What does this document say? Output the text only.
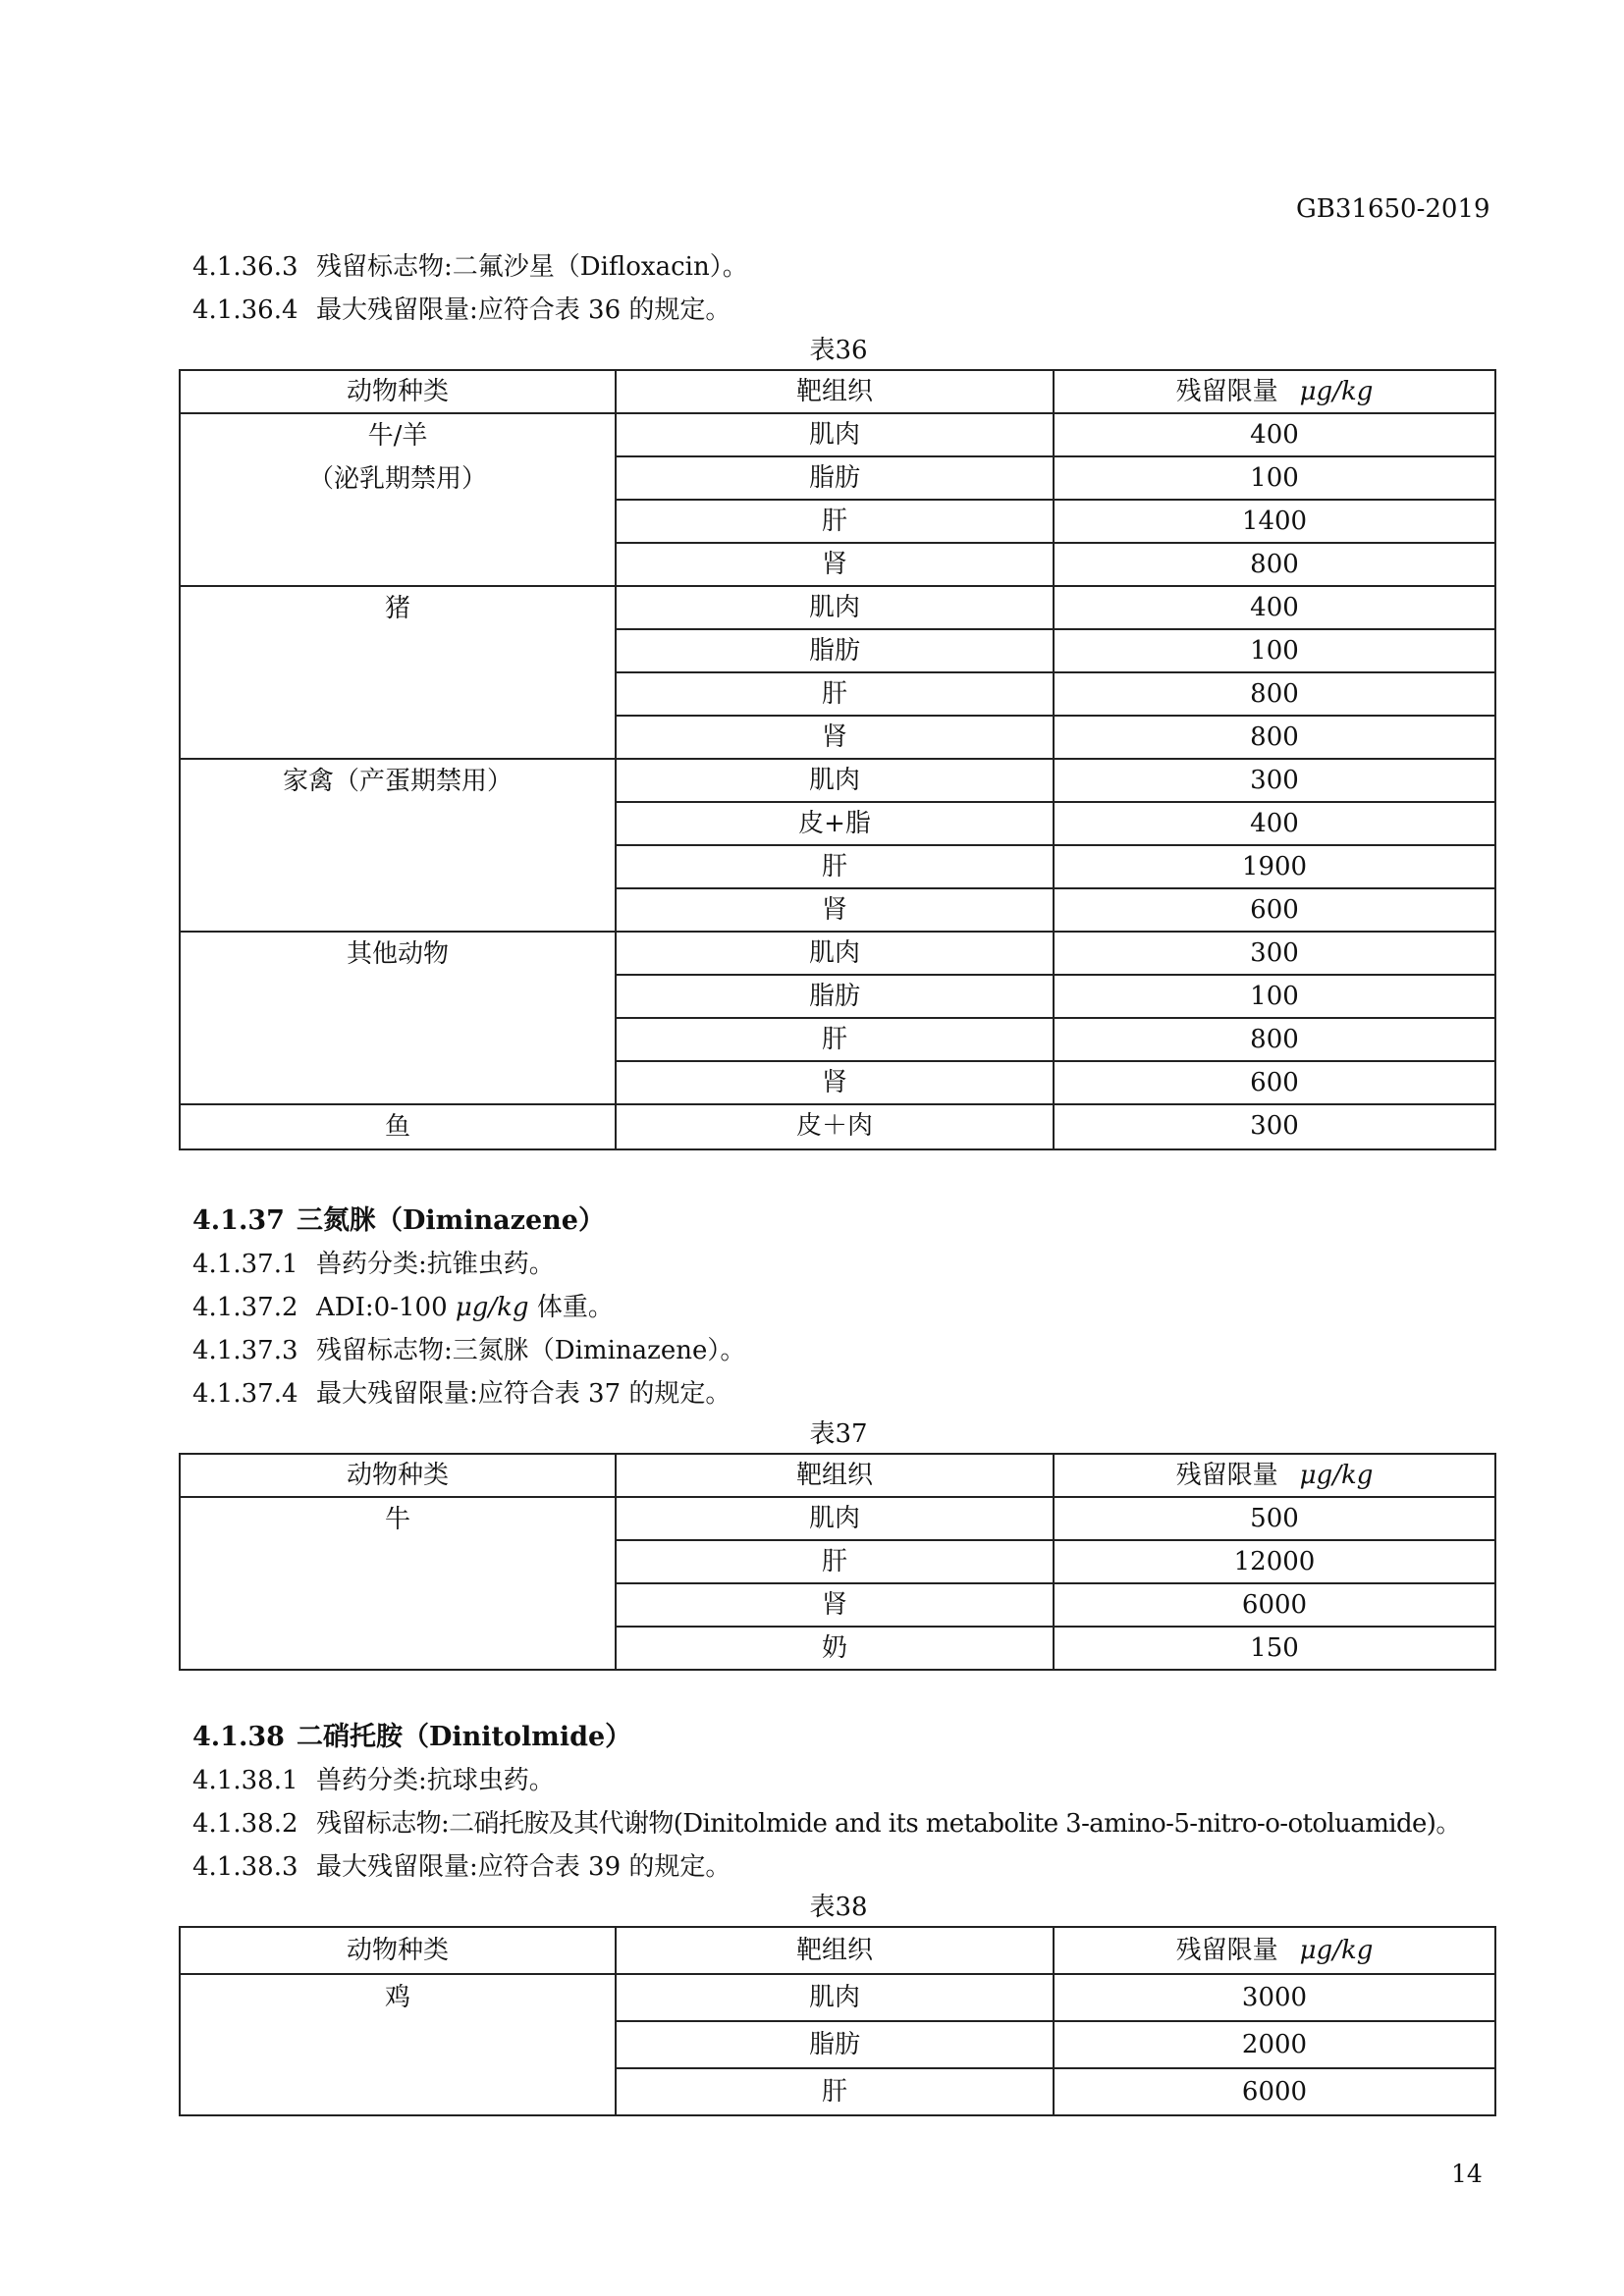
GB31650-2019
4.1.36.3 残留标志物:二氟沙星（Difloxacin）。
4.1.36.4 最大残留限量:应符合表 36 的规定。
表36
动物种类	靶组织	残留限量 μg/kg

牛/羊
（泌乳期禁用）	肌肉	400
	脂肪	100
	肝	1400
	肾	800
猪	肌肉	400
	脂肪	100
	肝	800
	肾	800
家禽（产蛋期禁用）	肌肉	300
	皮+脂	400
	肝	1900
	肾	600
其他动物	肌肉	300
	脂肪	100
	肝	800
	肾	600
鱼	皮＋肉	300
4.1.37 三氮脒（Diminazene）
4.1.37.1 兽药分类:抗锥虫药。
4.1.37.2 ADI:0-100 μg/kg 体重。
4.1.37.3 残留标志物:三氮脒（Diminazene）。
4.1.37.4 最大残留限量:应符合表 37 的规定。
表37
动物种类	靶组织	残留限量 μg/kg
牛	肌肉	500
	肝	12000
	肾	6000
	奶	150
4.1.38 二硝托胺（Dinitolmide）
4.1.38.1 兽药分类:抗球虫药。
4.1.38.2 残留标志物:二硝托胺及其代谢物(Dinitolmide and its metabolite 3-amino-5-nitro-o-otoluamide)。
4.1.38.3 最大残留限量:应符合表 39 的规定。
表38
动物种类	靶组织	残留限量 μg/kg
鸡	肌肉	3000
	脂肪	2000
	肝	6000
14
